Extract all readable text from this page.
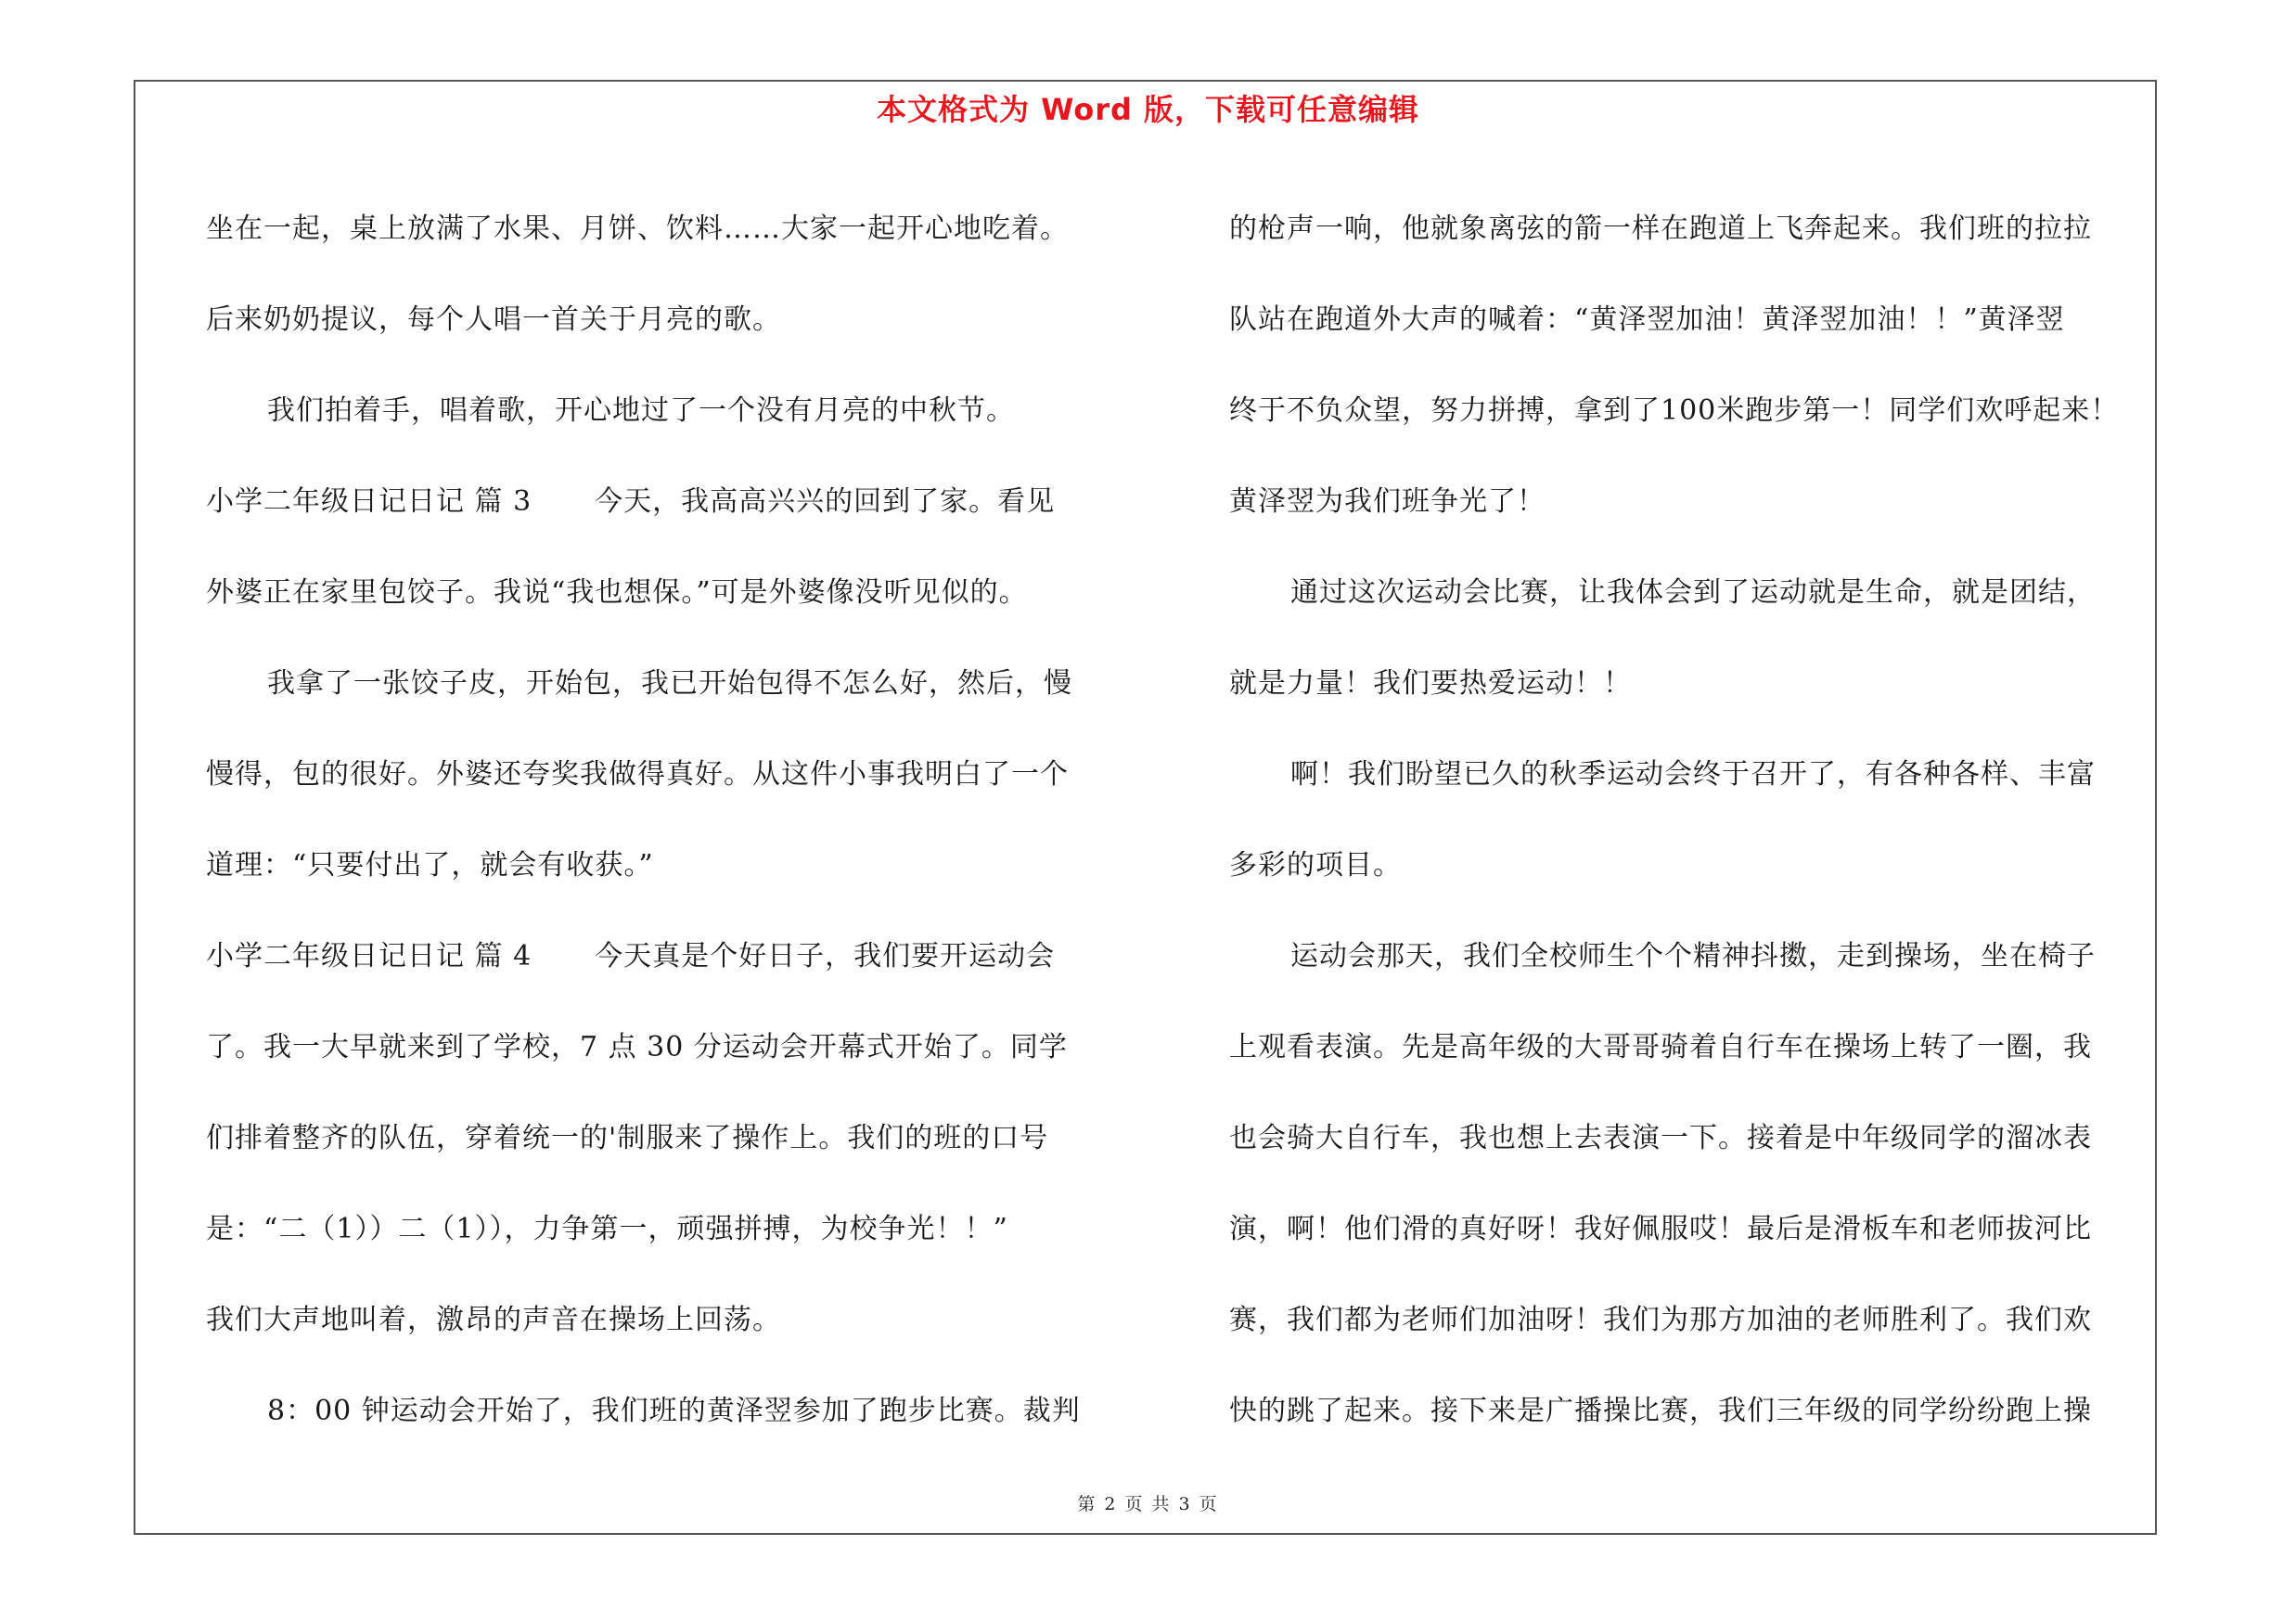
本文格式为 Word 版，下载可任意编辑
坐在一起，桌上放满了水果、月饼、饮料……大家一起开心地吃着。
后来奶奶提议，每个人唱一首关于月亮的歌。
我们拍着手，唱着歌，开心地过了一个没有月亮的中秋节。
小学二年级日记日记 篇 3 今天，我高高兴兴的回到了家。看见
外婆正在家里包饺子。我说“我也想保。”可是外婆像没听见似的。
我拿了一张饺子皮，开始包，我已开始包得不怎么好，然后，慢
慢得，包的很好。外婆还夸奖我做得真好。从这件小事我明白了一个
道理：“只要付出了，就会有收获。”
小学二年级日记日记 篇 4 今天真是个好日子，我们要开运动会
了。我一大早就来到了学校，7 点 30 分运动会开幕式开始了。同学
们排着整齐的队伍，穿着统一的'制服来了操作上。我们的班的口号
是：“二（1））二（1）），力争第一，顽强拼搏，为校争光！！”
我们大声地叫着，激昂的声音在操场上回荡。
8：00 钟运动会开始了，我们班的黄泽翌参加了跑步比赛。裁判
的枪声一响，他就象离弦的箭一样在跑道上飞奔起来。我们班的拉拉
队站在跑道外大声的喊着：“黄泽翌加油！黄泽翌加油！！”黄泽翌
终于不负众望，努力拼搏，拿到了100米跑步第一！同学们欢呼起来！
黄泽翌为我们班争光了！
通过这次运动会比赛，让我体会到了运动就是生命，就是团结，
就是力量！我们要热爱运动！！
啊！我们盼望已久的秋季运动会终于召开了，有各种各样、丰富
多彩的项目。
运动会那天，我们全校师生个个精神抖擞，走到操场，坐在椅子
上观看表演。先是高年级的大哥哥骑着自行车在操场上转了一圈，我
也会骑大自行车，我也想上去表演一下。接着是中年级同学的溜冰表
演，啊！他们滑的真好呀！我好佩服哎！最后是滑板车和老师拔河比
赛，我们都为老师们加油呀！我们为那方加油的老师胜利了。我们欢
快的跳了起来。接下来是广播操比赛，我们三年级的同学纷纷跑上操
第 2 页 共 3 页
